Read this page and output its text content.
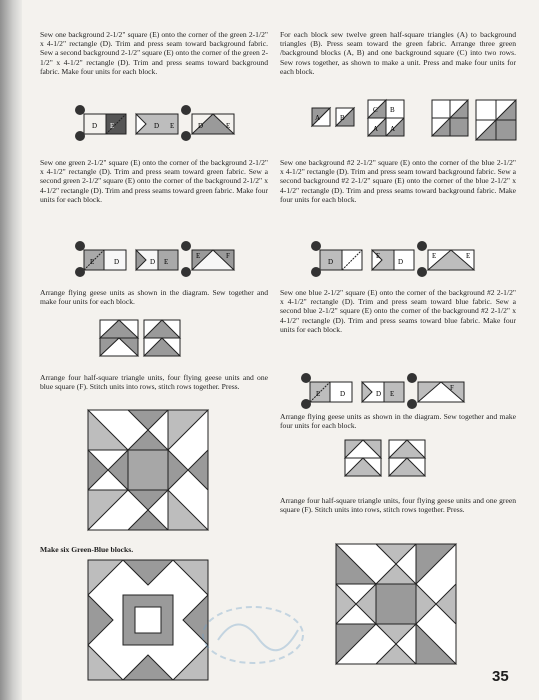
Sew one background 2-1/2" square (E) onto the corner of the green 2-1/2" x 4-1/2" rectangle (D). Trim and press seam toward background fabric. Sew a second background 2-1/2" square (E) onto the corner of the green 2-1/2" x 4-1/2" rectangle (D). Trim and press seams toward background fabric. Make four units for each block.

Sew one green 2-1/2" square (E) onto the corner of the background 2-1/2" x 4-1/2" rectangle (D). Trim and press seam toward green fabric. Sew a second green 2-1/2" square (E) onto the corner of the background 2-1/2" x 4-1/2" rectangle (D). Trim and press seams toward green fabric. Make four units for each block.

Arrange flying geese units as shown in the diagram. Sew together and make four units for each block.

Arrange four half-square triangle units, four flying geese units and one blue square (F). Stitch units into rows, stitch rows together. Press.

Make six Green-Blue blocks.

For each block sew twelve green half-square triangles (A) to background triangles (B). Press seam toward the green fabric. Arrange three green /background blocks (A, B) and one background square (C) into two rows. Sew rows together, as shown to make a unit. Press and make four units for each block.

Sew one background #2 2-1/2" square (E) onto the corner of the blue 2-1/2" x 4-1/2" rectangle (D). Trim and press seam toward background fabric. Sew a second background #2 2-1/2" square (E) onto the corner of the blue 2-1/2" x 4-1/2" rectangle (D). Trim and press seams toward background fabric. Make four units for each block.

Sew one blue 2-1/2" square (E) onto the corner of the background #2 2-1/2" x 4-1/2" rectangle (D). Trim and press seam toward blue fabric. Sew a second blue 2-1/2" square (E) onto the corner of the background #2 2-1/2" x 4-1/2" rectangle (D). Trim and press seams toward blue fabric. Make four units for each block.

Arrange flying geese units as shown in the diagram. Sew together and make four units for each block.

Arrange four half-square triangle units, four flying geese units and one green square (F). Stitch units into rows, stitch rows together. Press.

D E	D E	D	E
D
E	D E
E	F
A	B
C B
A A
D
E
D
E	E
D
E	D E
F
35
